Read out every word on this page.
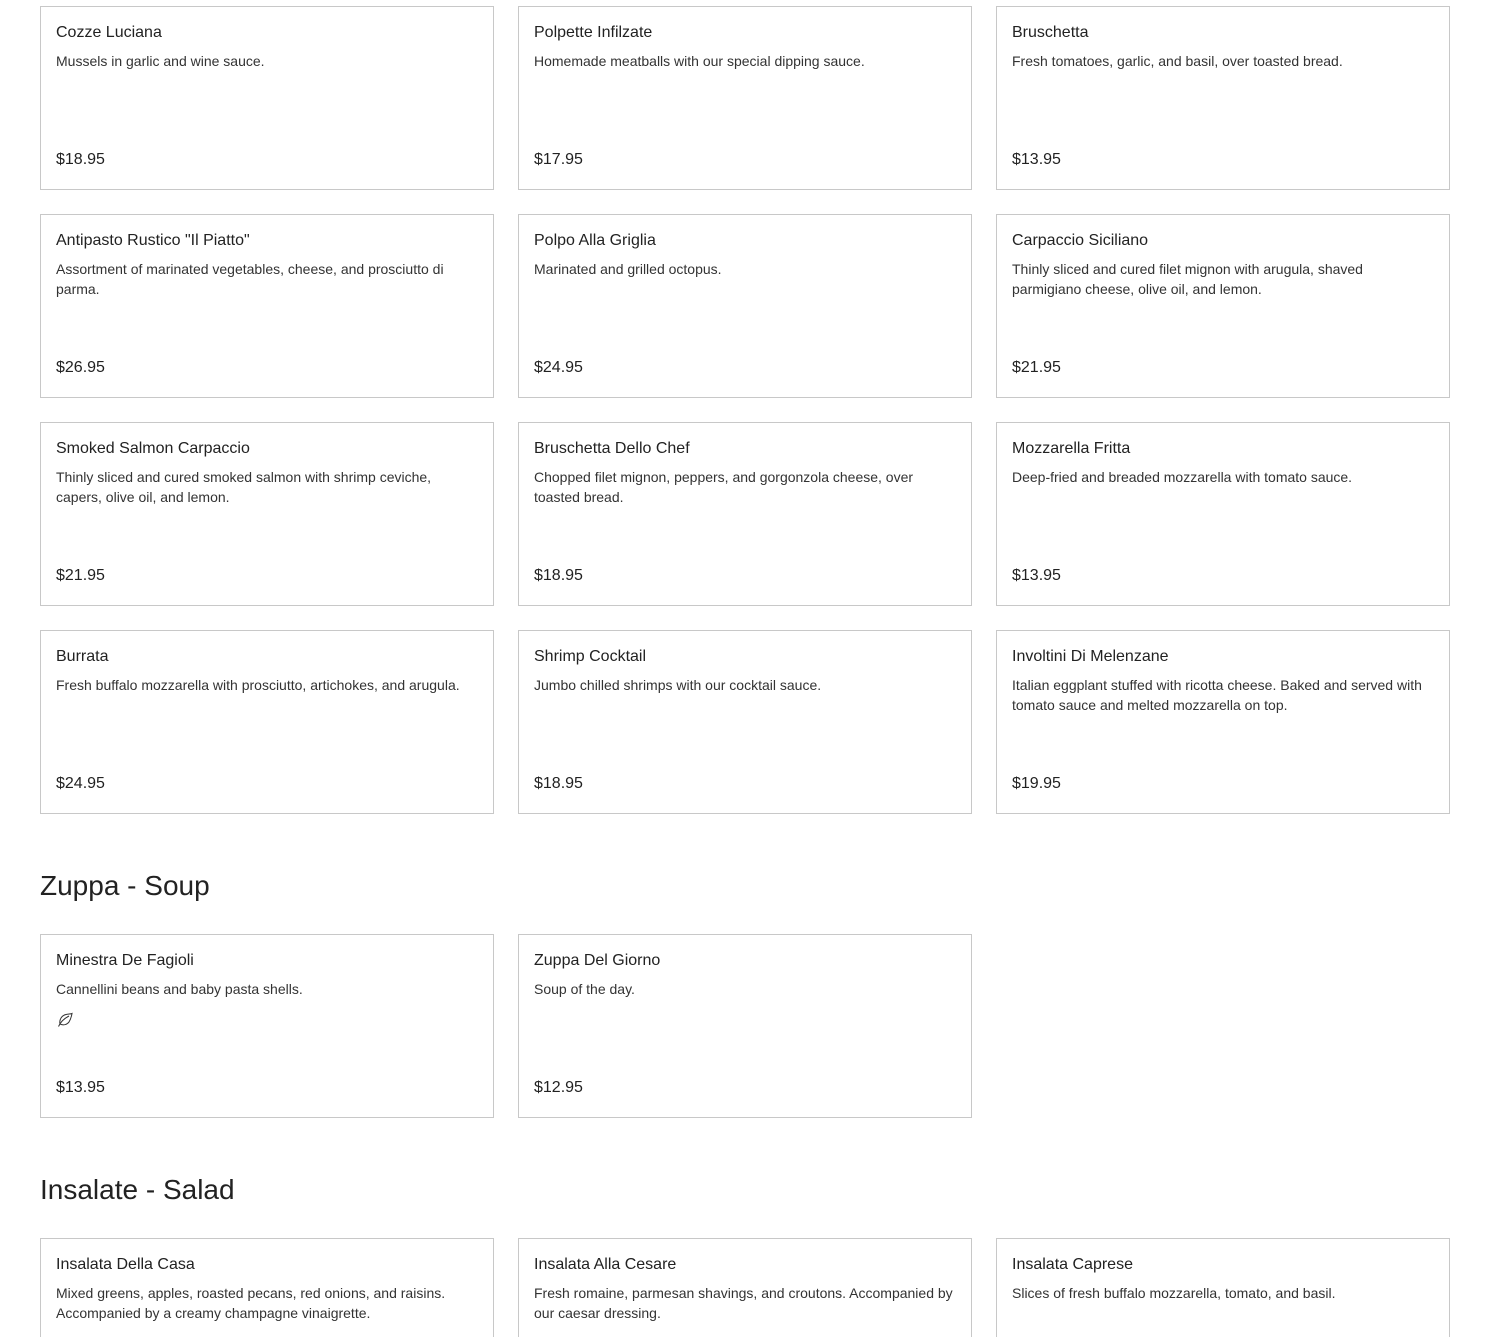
Cozze Luciana
Mussels in garlic and wine sauce.
$18.95
Polpette Infilzate
Homemade meatballs with our special dipping sauce.
$17.95
Bruschetta
Fresh tomatoes, garlic, and basil, over toasted bread.
$13.95
Antipasto Rustico "Il Piatto"
Assortment of marinated vegetables, cheese, and prosciutto di parma.
$26.95
Polpo Alla Griglia
Marinated and grilled octopus.
$24.95
Carpaccio Siciliano
Thinly sliced and cured filet mignon with arugula, shaved parmigiano cheese, olive oil, and lemon.
$21.95
Smoked Salmon Carpaccio
Thinly sliced and cured smoked salmon with shrimp ceviche, capers, olive oil, and lemon.
$21.95
Bruschetta Dello Chef
Chopped filet mignon, peppers, and gorgonzola cheese, over toasted bread.
$18.95
Mozzarella Fritta
Deep-fried and breaded mozzarella with tomato sauce.
$13.95
Burrata
Fresh buffalo mozzarella with prosciutto, artichokes, and arugula.
$24.95
Shrimp Cocktail
Jumbo chilled shrimps with our cocktail sauce.
$18.95
Involtini Di Melenzane
Italian eggplant stuffed with ricotta cheese. Baked and served with tomato sauce and melted mozzarella on top.
$19.95
Zuppa - Soup
Minestra De Fagioli
Cannellini beans and baby pasta shells.
$13.95
Zuppa Del Giorno
Soup of the day.
$12.95
Insalate - Salad
Insalata Della Casa
Mixed greens, apples, roasted pecans, red onions, and raisins. Accompanied by a creamy champagne vinaigrette.
Insalata Alla Cesare
Fresh romaine, parmesan shavings, and croutons. Accompanied by our caesar dressing.
Insalata Caprese
Slices of fresh buffalo mozzarella, tomato, and basil.
